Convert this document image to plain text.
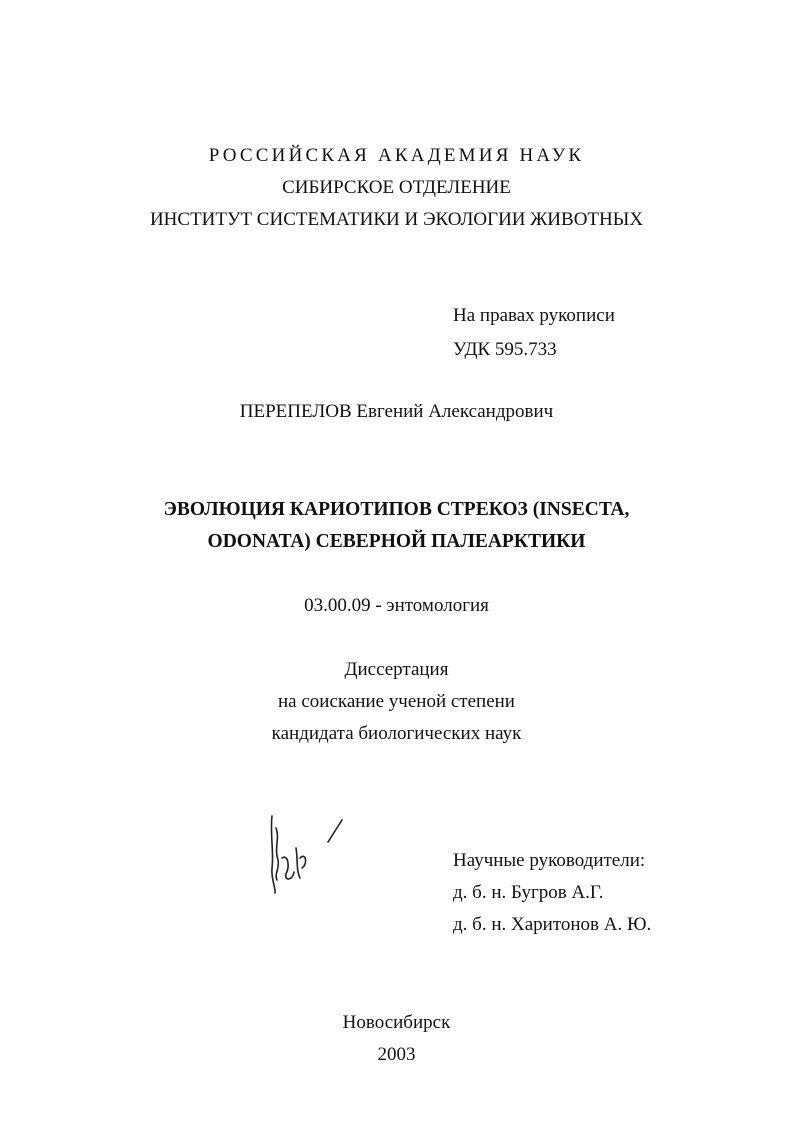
РОССИЙСКАЯ АКАДЕМИЯ НАУК
СИБИРСКОЕ ОТДЕЛЕНИЕ
ИНСТИТУТ СИСТЕМАТИКИ И ЭКОЛОГИИ ЖИВОТНЫХ
На правах рукописи
УДК 595.733
ПЕРЕПЕЛОВ Евгений Александрович
ЭВОЛЮЦИЯ КАРИОТИПОВ СТРЕКОЗ (INSECTA,
ODONATA) СЕВЕРНОЙ ПАЛЕАРКТИКИ
03.00.09 - энтомология
Диссертация
на соискание ученой степени
кандидата биологических наук
Научные руководители:
д. б. н. Бугров А.Г.
д. б. н. Харитонов А. Ю.
Новосибирск
2003
